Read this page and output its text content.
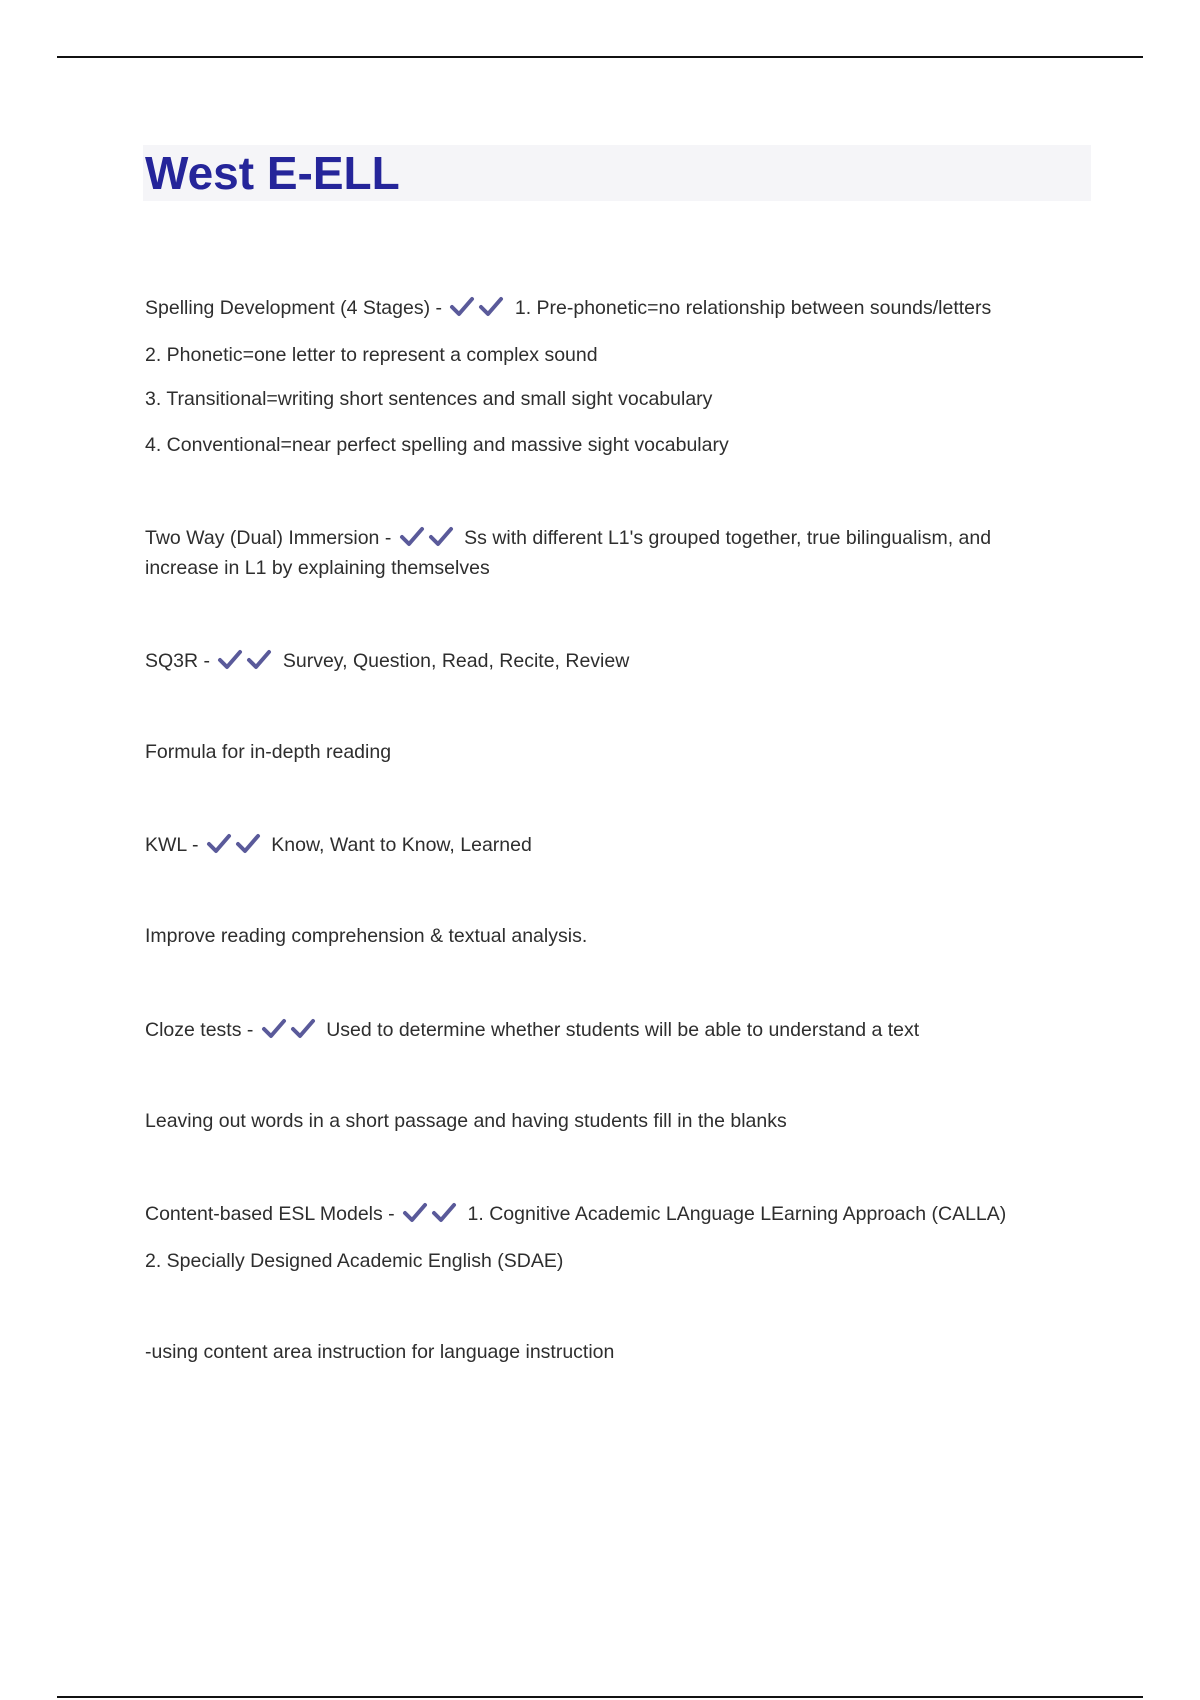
West E-ELL
Spelling Development (4 Stages) -	1. Pre-phonetic=no relationship between sounds/letters
2. Phonetic=one letter to represent a complex sound
3. Transitional=writing short sentences and small sight vocabulary
4. Conventional=near perfect spelling and massive sight vocabulary
Two Way (Dual) Immersion -	Ss with different L1's grouped together, true bilingualism, and
increase in L1 by explaining themselves
SQ3R -	Survey, Question, Read, Recite, Review
Formula for in-depth reading
KWL -	Know, Want to Know, Learned
Improve reading comprehension & textual analysis.
Cloze tests -	Used to determine whether students will be able to understand a text
Leaving out words in a short passage and having students fill in the blanks
Content-based ESL Models -	1. Cognitive Academic LAnguage LEarning Approach (CALLA)
2. Specially Designed Academic English (SDAE)
-using content area instruction for language instruction
